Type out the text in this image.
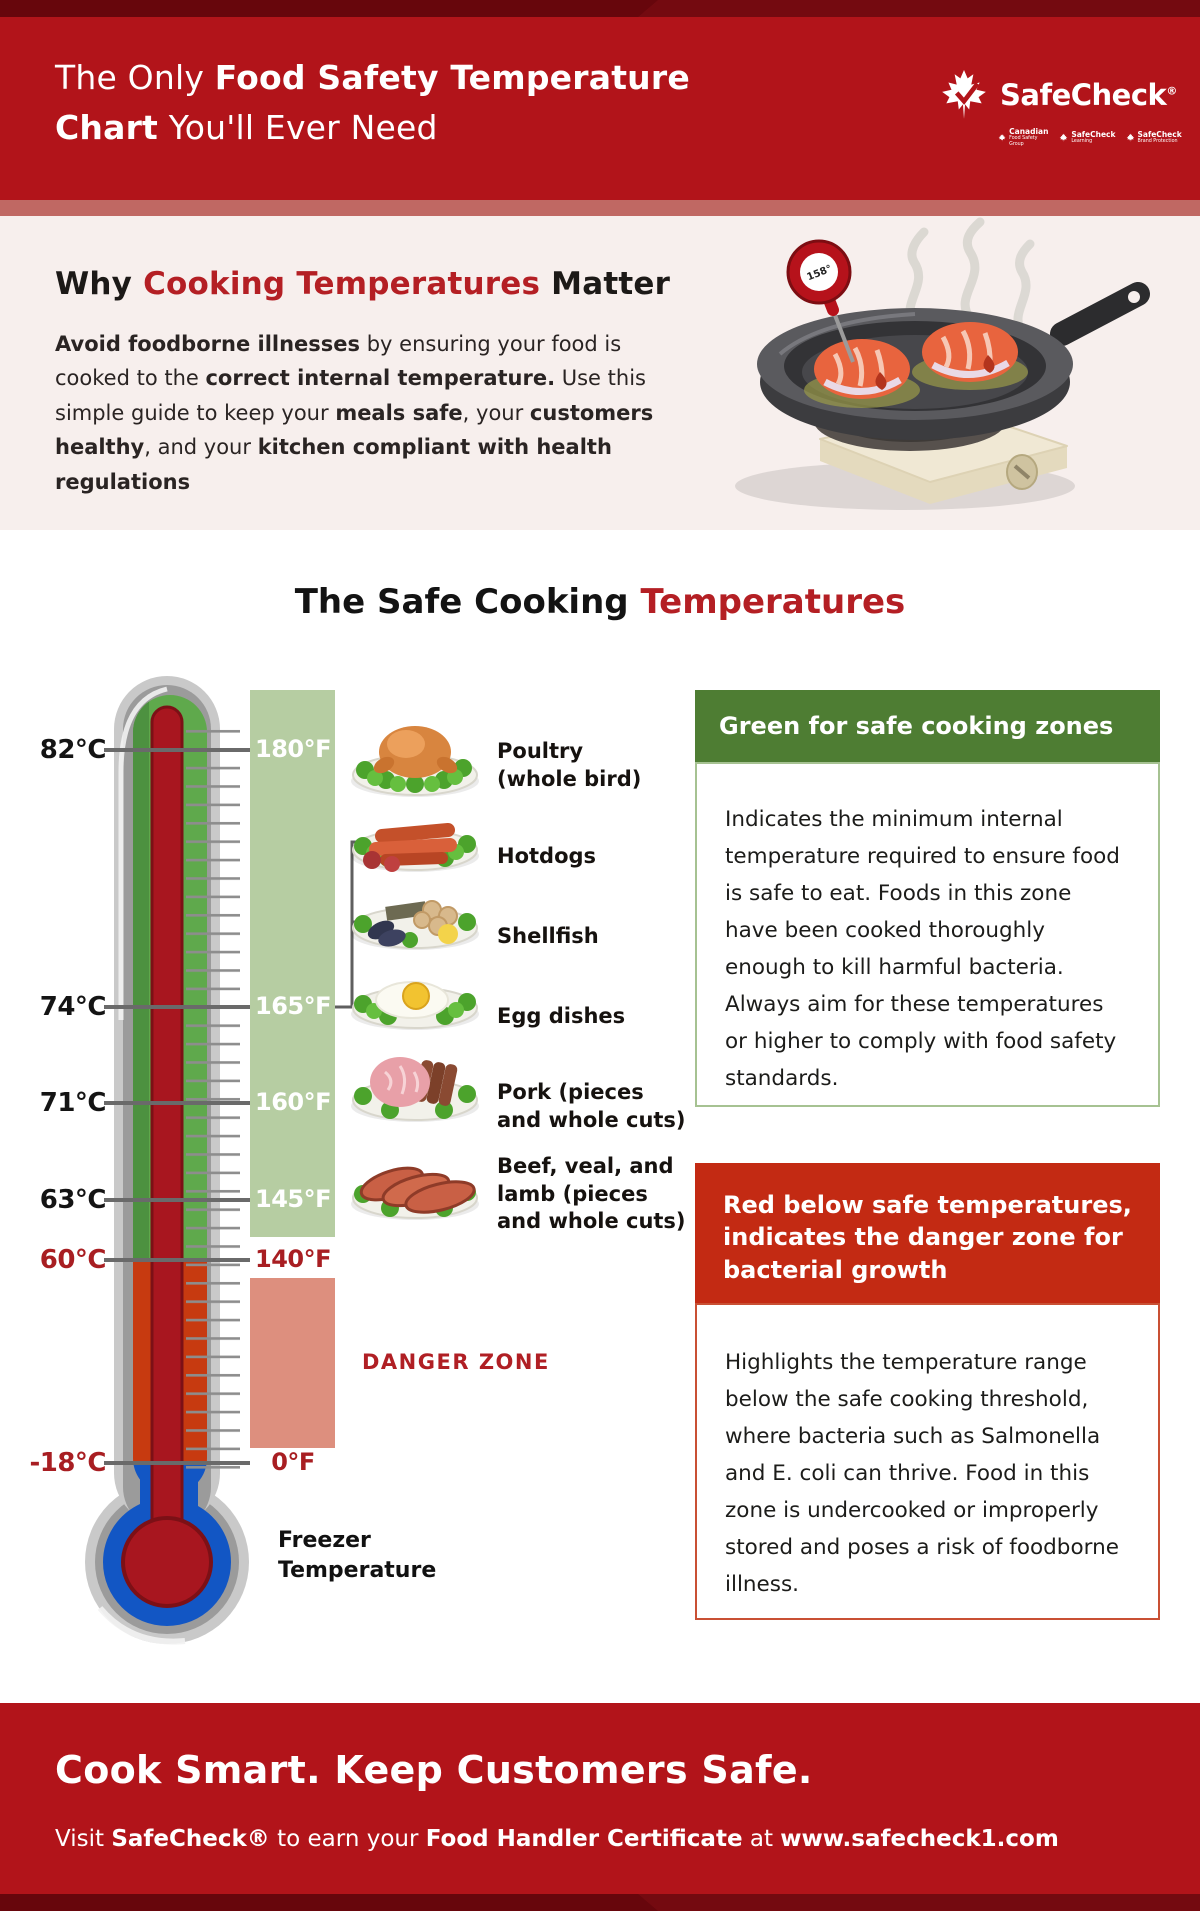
The Only Food Safety Temperature
Chart You'll Ever Need
SafeCheck®
Canadian
Food Safety Group
SafeCheck
Learning
SafeCheck
Brand Protection
Why Cooking Temperatures Matter
Avoid foodborne illnesses by ensuring your food is cooked to the correct internal temperature. Use this simple guide to keep your meals safe, your customers healthy, and your kitchen compliant with health regulations
158°
The Safe Cooking Temperatures
82°C
74°C
71°C
63°C
60°C
-18°C
180°F
165°F
160°F
145°F
140°F
0°F
Poultry (whole bird)
Hotdogs
Shellfish
Egg dishes
Pork (pieces and whole cuts)
Beef, veal, and lamb (pieces and whole cuts)
DANGER ZONE
Freezer Temperature
Green for safe cooking zones
Indicates the minimum internal temperature required to ensure food is safe to eat. Foods in this zone have been cooked thoroughly enough to kill harmful bacteria. Always aim for these temperatures or higher to comply with food safety standards.
Red below safe temperatures, indicates the danger zone for bacterial growth
Highlights the temperature range below the safe cooking threshold, where bacteria such as Salmonella and E. coli can thrive. Food in this zone is undercooked or improperly stored and poses a risk of foodborne illness.
Cook Smart. Keep Customers Safe.
Visit SafeCheck® to earn your Food Handler Certificate at www.safecheck1.com
